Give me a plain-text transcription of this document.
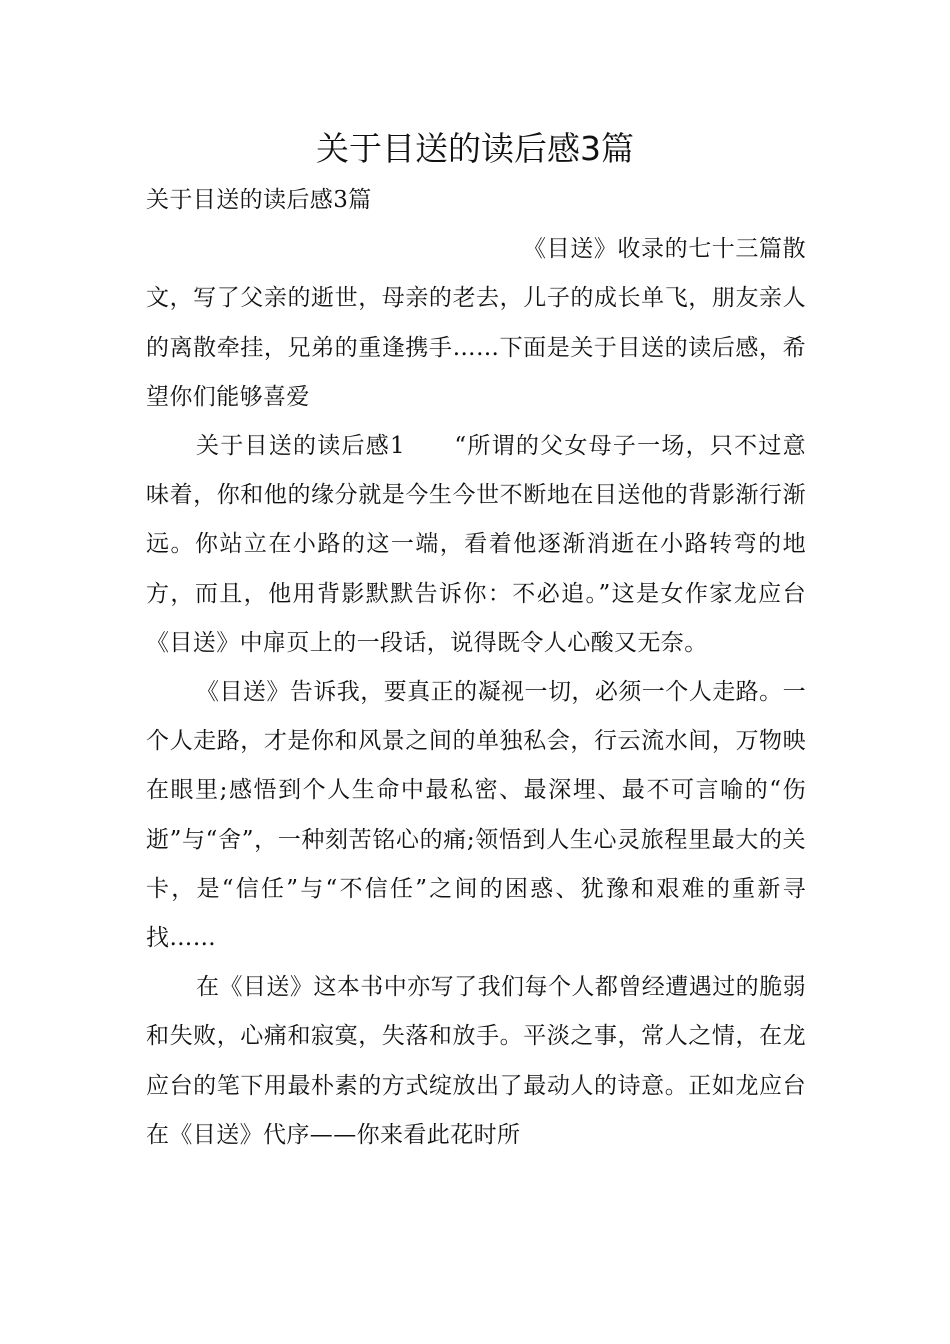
关于目送的读后感3篇

关于目送的读后感3篇

《目送》收录的七十三篇散文，写了父亲的逝世，母亲的老去，儿子的成长单飞，朋友亲人的离散牵挂，兄弟的重逢携手……下面是关于目送的读后感，希望你们能够喜爱

关于目送的读后感1　　“所谓的父女母子一场，只不过意味着，你和他的缘分就是今生今世不断地在目送他的背影渐行渐远。你站立在小路的这一端，看着他逐渐消逝在小路转弯的地方，而且，他用背影默默告诉你：不必追。”这是女作家龙应台《目送》中扉页上的一段话，说得既令人心酸又无奈。

《目送》告诉我，要真正的凝视一切，必须一个人走路。一个人走路，才是你和风景之间的单独私会，行云流水间，万物映在眼里;感悟到个人生命中最私密、最深埋、最不可言喻的“伤逝”与“舍”，一种刻苦铭心的痛;领悟到人生心灵旅程里最大的关卡，是“信任”与“不信任”之间的困惑、犹豫和艰难的重新寻找……

在《目送》这本书中亦写了我们每个人都曾经遭遇过的脆弱和失败，心痛和寂寞，失落和放手。平淡之事，常人之情，在龙应台的笔下用最朴素的方式绽放出了最动人的诗意。正如龙应台在《目送》代序——你来看此花时所
